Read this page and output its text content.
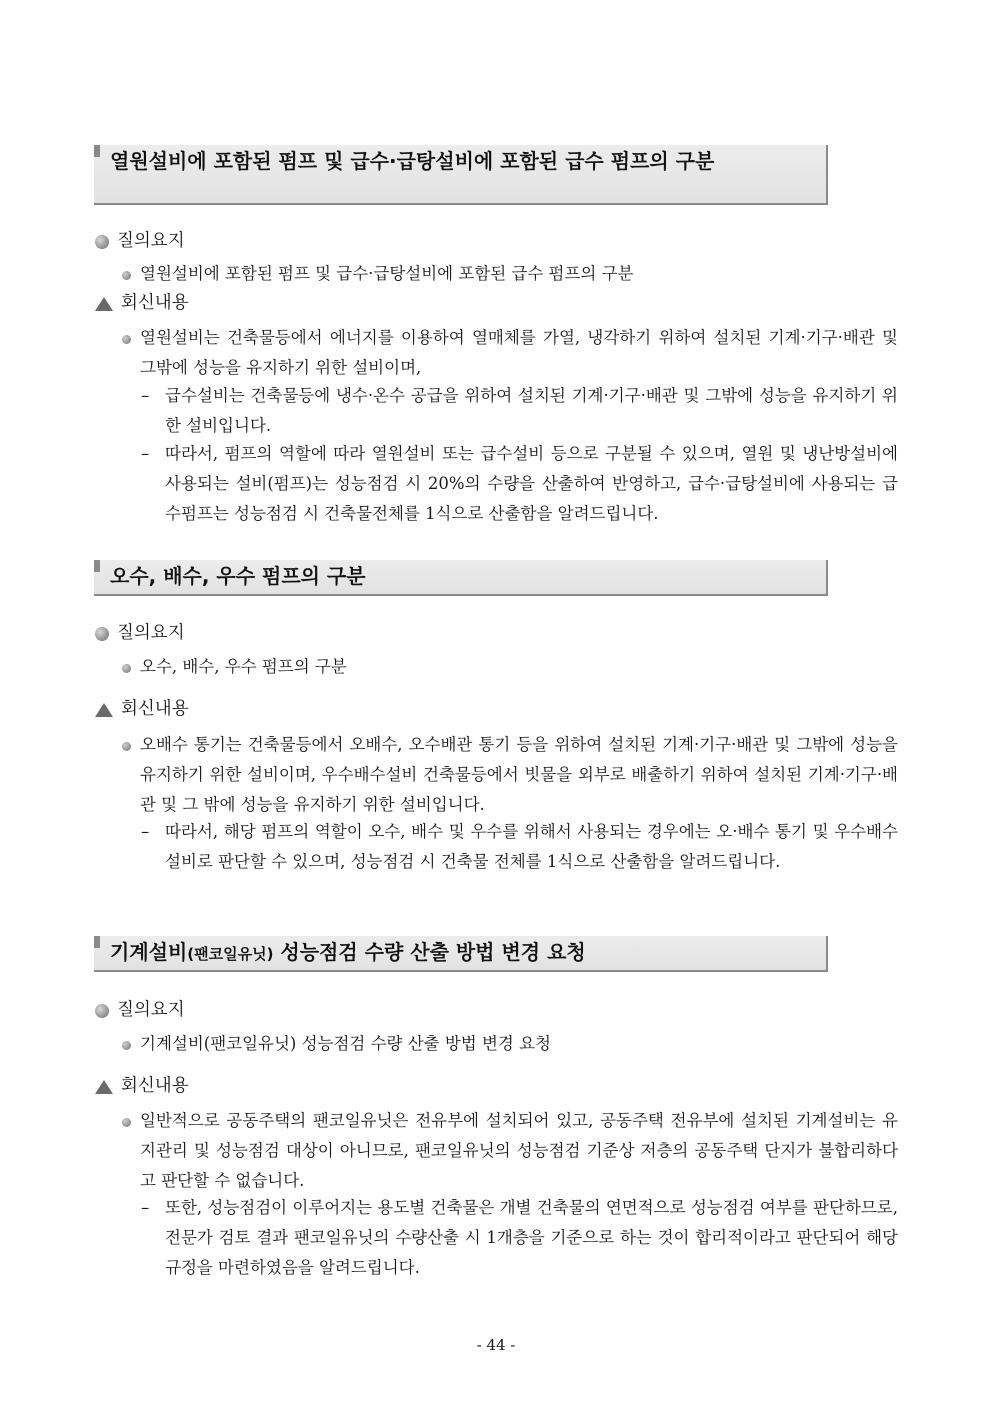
열원설비에 포함된 펌프 및 급수·급탕설비에 포함된 급수 펌프의 구분
질의요지
열원설비에 포함된 펌프 및 급수·급탕설비에 포함된 급수 펌프의 구분
회신내용
열원설비는 건축물등에서 에너지를 이용하여 열매체를 가열, 냉각하기 위하여 설치된 기계·기구·배관 및 그밖에 성능을 유지하기 위한 설비이며,
– 급수설비는 건축물등에 냉수·온수 공급을 위하여 설치된 기계·기구·배관 및 그밖에 성능을 유지하기 위한 설비입니다.
– 따라서, 펌프의 역할에 따라 열원설비 또는 급수설비 등으로 구분될 수 있으며, 열원 및 냉난방설비에 사용되는 설비(펌프)는 성능점검 시 20%의 수량을 산출하여 반영하고, 급수·급탕설비에 사용되는 급수펌프는 성능점검 시 건축물전체를 1식으로 산출함을 알려드립니다.
오수, 배수, 우수 펌프의 구분
질의요지
오수, 배수, 우수 펌프의 구분
회신내용
오배수 통기는 건축물등에서 오배수, 오수배관 통기 등을 위하여 설치된 기계·기구·배관 및 그밖에 성능을 유지하기 위한 설비이며, 우수배수설비 건축물등에서 빗물을 외부로 배출하기 위하여 설치된 기계·기구·배관 및 그 밖에 성능을 유지하기 위한 설비입니다.
– 따라서, 해당 펌프의 역할이 오수, 배수 및 우수를 위해서 사용되는 경우에는 오·배수 통기 및 우수배수 설비로 판단할 수 있으며, 성능점검 시 건축물 전체를 1식으로 산출함을 알려드립니다.
기계설비(팬코일유닛) 성능점검 수량 산출 방법 변경 요청
질의요지
기계설비(팬코일유닛) 성능점검 수량 산출 방법 변경 요청
회신내용
일반적으로 공동주택의 팬코일유닛은 전유부에 설치되어 있고, 공동주택 전유부에 설치된 기계설비는 유지관리 및 성능점검 대상이 아니므로, 팬코일유닛의 성능점검 기준상 저층의 공동주택 단지가 불합리하다고 판단할 수 없습니다.
– 또한, 성능점검이 이루어지는 용도별 건축물은 개별 건축물의 연면적으로 성능점검 여부를 판단하므로, 전문가 검토 결과 팬코일유닛의 수량산출 시 1개층을 기준으로 하는 것이 합리적이라고 판단되어 해당 규정을 마련하였음을 알려드립니다.
- 44 -
